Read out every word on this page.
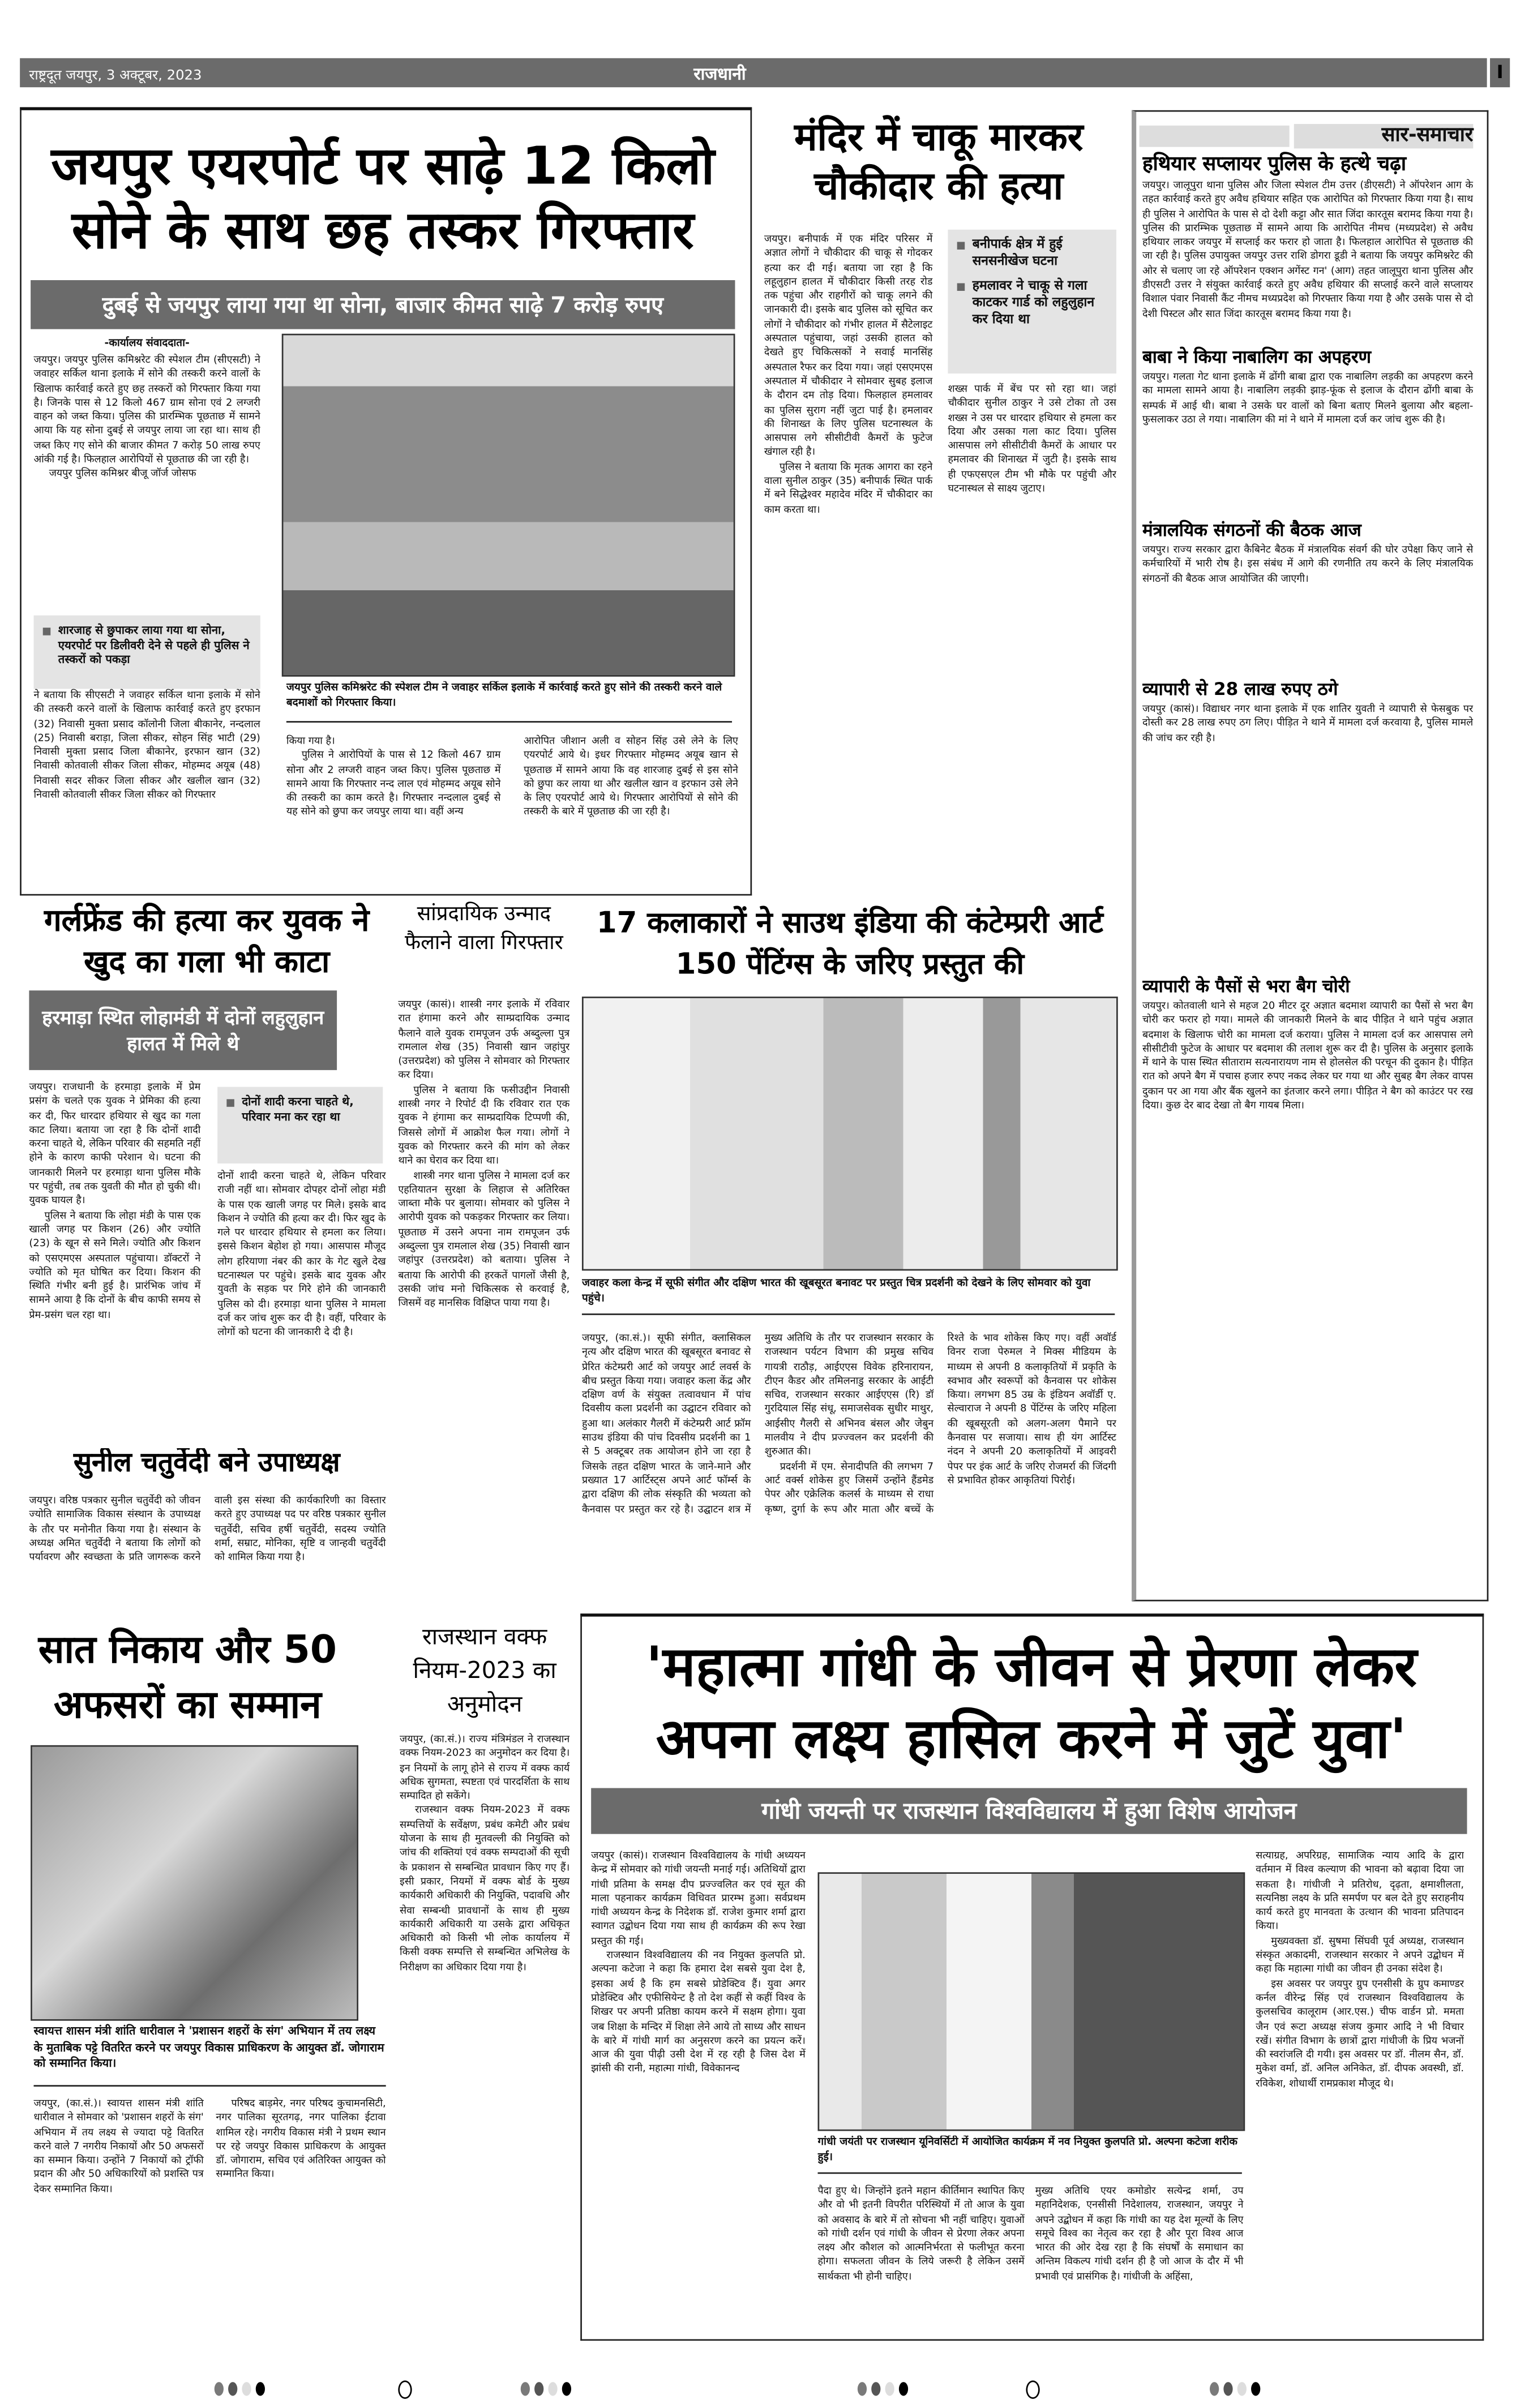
राष्ट्रदूत जयपुर, 3 अक्टूबर, 2023	राजधानी	I
जयपुर एयरपोर्ट पर साढ़े 12 किलो सोने के साथ छह तस्कर गिरफ्तार
दुबई से जयपुर लाया गया था सोना, बाजार कीमत साढ़े 7 करोड़ रुपए
-कार्यालय संवाददाता-

जयपुर। जयपुर पुलिस कमिश्नरेट की स्पेशल टीम (सीएसटी) ने जवाहर सर्किल थाना इलाके में सोने की तस्करी करने वालों के खिलाफ कार्रवाई करते हुए छह तस्करों को गिरफ्तार किया गया है। जिनके पास से 12 किलो 467 ग्राम सोना एवं 2 लग्जरी वाहन को जब्त किया। पुलिस की प्रारम्भिक पूछताछ में सामने आया कि यह सोना दुबई से जयपुर लाया जा रहा था। साथ ही जब्त किए गए सोने की बाजार कीमत 7 करोड़ 50 लाख रुपए आंकी गई है। फिलहाल आरोपियों से पूछताछ की जा रही है।

जयपुर पुलिस कमिश्नर बीजू जॉर्ज जोसफ

शारजाह से छुपाकर लाया गया था सोना, एयरपोर्ट पर डिलीवरी देने से पहले ही पुलिस ने तस्करों को पकड़ा

ने बताया कि सीएसटी ने जवाहर सर्किल थाना इलाके में सोने की तस्करी करने वालों के खिलाफ कार्रवाई करते हुए इरफान (32) निवासी मुक्ता प्रसाद कॉलोनी जिला बीकानेर, नन्दलाल (25) निवासी बराड़ा, जिला सीकर, सोहन सिंह भाटी (29) निवासी मुक्ता प्रसाद जिला बीकानेर, इरफान खान (32) निवासी कोतवाली सीकर जिला सीकर, मोहम्मद अयूब (48) निवासी सदर सीकर जिला सीकर और खलील खान (32) निवासी कोतवाली सीकर जिला सीकर को गिरफ्तार

जयपुर पुलिस कमिश्नरेट की स्पेशल टीम ने जवाहर सर्किल इलाके में कार्रवाई करते हुए सोने की तस्करी करने वाले बदमाशों को गिरफ्तार किया।

किया गया है।

पुलिस ने आरोपियों के पास से 12 किलो 467 ग्राम सोना और 2 लग्जरी वाहन जब्त किए। पुलिस पूछताछ में सामने आया कि गिरफ्तार नन्द लाल एवं मोहम्मद अयूब सोने की तस्करी का काम करते है। गिरफ्तार नन्दलाल दुबई से यह सोने को छुपा कर जयपुर लाया था। वहीं अन्य

आरोपित जीशान अली व सोहन सिंह उसे लेने के लिए एयरपोर्ट आये थे। इधर गिरफ्तार मोहम्मद अयूब खान से पूछताछ में सामने आया कि वह शारजाह दुबई से इस सोने को छुपा कर लाया था और खलील खान व इरफान उसे लेने के लिए एयरपोर्ट आये थे। गिरफ्तार आरोपियों से सोने की तस्करी के बारे में पूछताछ की जा रही है।

मंदिर में चाकू मारकर चौकीदार की हत्या

जयपुर। बनीपार्क में एक मंदिर परिसर में अज्ञात लोगों ने चौकीदार की चाकू से गोदकर हत्या कर दी गई। बताया जा रहा है कि लहूलुहान हालत में चौकीदार किसी तरह रोड तक पहुंचा और राहगीरों को चाकू लगने की जानकारी दी। इसके बाद पुलिस को सूचित कर लोगों ने चौकीदार को गंभीर हालत में सैटेलाइट अस्पताल पहुंचाया, जहां उसकी हालत को देखते हुए चिकित्सकों ने सवाई मानसिंह अस्पताल रैफर कर दिया गया। जहां एसएमएस अस्पताल में चौकीदार ने सोमवार सुबह इलाज के दौरान दम तोड़ दिया। फिलहाल हमलावर का पुलिस सुराग नहीं जुटा पाई है। हमलावर की शिनाख्त के लिए पुलिस घटनास्थल के आसपास लगे सीसीटीवी कैमरों के फुटेज खंगाल रही है।

पुलिस ने बताया कि मृतक आगरा का रहने वाला सुनील ठाकुर (35) बनीपार्क स्थित पार्क में बने सिद्धेश्वर महादेव मंदिर में चौकीदार का काम करता था।

बनीपार्क क्षेत्र में हुई सनसनीखेज घटना
हमलावर ने चाकू से गला काटकर गार्ड को लहुलुहान कर दिया था

शख्स पार्क में बेंच पर सो रहा था। जहां चौकीदार सुनील ठाकुर ने उसे टोका तो उस शख्स ने उस पर धारदार हथियार से हमला कर दिया और उसका गला काट दिया। पुलिस आसपास लगे सीसीटीवी कैमरों के आधार पर हमलावर की शिनाख्त में जुटी है। इसके साथ ही एफएसएल टीम भी मौके पर पहुंची और घटनास्थल से साक्ष्य जुटाए।

सार-समाचार
हथियार सप्लायर पुलिस के हत्थे चढ़ा
जयपुर। जालूपुरा थाना पुलिस और जिला स्पेशल टीम उत्तर (डीएसटी) ने ऑपरेशन आग के तहत कार्रवाई करते हुए अवैध हथियार सहित एक आरोपित को गिरफ्तार किया गया है। साथ ही पुलिस ने आरोपित के पास से दो देशी कट्टा और सात जिंदा कारतूस बरामद किया गया है। पुलिस की प्रारम्भिक पूछताछ में सामने आया कि आरोपित नीमच (मध्यप्रदेश) से अवैध हथियार लाकर जयपुर में सप्लाई कर फरार हो जाता है। फिलहाल आरोपित से पूछताछ की जा रही है। पुलिस उपायुक्त जयपुर उत्तर राशि डोगरा डूडी ने बताया कि जयपुर कमिश्नरेट की ओर से चलाए जा रहे ऑपरेशन एक्शन अगेंस्ट गन' (आग) तहत जालूपुरा थाना पुलिस और डीएसटी उत्तर ने संयुक्त कार्रवाई करते हुए अवैध हथियार की सप्लाई करने वाले सप्लायर विशाल पंवार निवासी कैंट नीमच मध्यप्रदेश को गिरफ्तार किया गया है और उसके पास से दो देशी पिस्टल और सात जिंदा कारतूस बरामद किया गया है।
बाबा ने किया नाबालिग का अपहरण
जयपुर। गलता गेट थाना इलाके में ढोंगी बाबा द्वारा एक नाबालिग लड़की का अपहरण करने का मामला सामने आया है। नाबालिग लड़की झाड़-फूंक से इलाज के दौरान ढोंगी बाबा के सम्पर्क में आई थी। बाबा ने उसके घर वालों को बिना बताए मिलने बुलाया और बहला-फुसलाकर उठा ले गया। नाबालिग की मां ने थाने में मामला दर्ज कर जांच शुरू की है।
मंत्रालयिक संगठनों की बैठक आज
जयपुर। राज्य सरकार द्वारा कैबिनेट बैठक में मंत्रालयिक संवर्ग की घोर उपेक्षा किए जाने से कर्मचारियों में भारी रोष है। इस संबंध में आगे की रणनीति तय करने के लिए मंत्रालयिक संगठनों की बैठक आज आयोजित की जाएगी।
व्यापारी से 28 लाख रुपए ठगे
जयपुर (कासं)। विद्याधर नगर थाना इलाके में एक शातिर युवती ने व्यापारी से फेसबुक पर दोस्ती कर 28 लाख रुपए ठग लिए। पीड़ित ने थाने में मामला दर्ज करवाया है, पुलिस मामले की जांच कर रही है।
व्यापारी के पैसों से भरा बैग चोरी
जयपुर। कोतवाली थाने से महज 20 मीटर दूर अज्ञात बदमाश व्यापारी का पैसों से भरा बैग चोरी कर फरार हो गया। मामले की जानकारी मिलने के बाद पीड़ित ने थाने पहुंच अज्ञात बदमाश के खिलाफ चोरी का मामला दर्ज कराया। पुलिस ने मामला दर्ज कर आसपास लगे सीसीटीवी फुटेज के आधार पर बदमाश की तलाश शुरू कर दी है। पुलिस के अनुसार इलाके में थाने के पास स्थित सीताराम सत्यनारायण नाम से होलसेल की परचून की दुकान है। पीड़ित रात को अपने बैग में पचास हजार रुपए नकद लेकर घर गया था और सुबह बैग लेकर वापस दुकान पर आ गया और बैंक खुलने का इंतजार करने लगा। पीड़ित ने बैग को काउंटर पर रख दिया। कुछ देर बाद देखा तो बैग गायब मिला।
गर्लफ्रेंड की हत्या कर युवक ने खुद का गला भी काटा
हरमाड़ा स्थित लोहामंडी में दोनों लहुलुहान हालत में मिले थे

जयपुर। राजधानी के हरमाड़ा इलाके में प्रेम प्रसंग के चलते एक युवक ने प्रेमिका की हत्या कर दी, फिर धारदार हथियार से खुद का गला काट लिया। बताया जा रहा है कि दोनों शादी करना चाहते थे, लेकिन परिवार की सहमति नहीं होने के कारण काफी परेशान थे। घटना की जानकारी मिलने पर हरमाड़ा थाना पुलिस मौके पर पहुंची, तब तक युवती की मौत हो चुकी थी। युवक घायल है।

पुलिस ने बताया कि लोहा मंडी के पास एक खाली जगह पर किशन (26) और ज्योति (23) के खून से सने मिले। ज्योति और किशन को एसएमएस अस्पताल पहुंचाया। डॉक्टरों ने ज्योति को मृत घोषित कर दिया। किशन की स्थिति गंभीर बनी हुई है। प्रारंभिक जांच में सामने आया है कि दोनों के बीच काफी समय से प्रेम-प्रसंग चल रहा था।

दोनों शादी करना चाहते थे, परिवार मना कर रहा था

दोनों शादी करना चाहते थे, लेकिन परिवार राजी नहीं था। सोमवार दोपहर दोनों लोहा मंडी के पास एक खाली जगह पर मिले। इसके बाद किशन ने ज्योति की हत्या कर दी। फिर खुद के गले पर धारदार हथियार से हमला कर लिया। इससे किशन बेहोश हो गया। आसपास मौजूद लोग हरियाणा नंबर की कार के गेट खुले देख घटनास्थल पर पहुंचे। इसके बाद युवक और युवती के सड़क पर गिरे होने की जानकारी पुलिस को दी। हरमाड़ा थाना पुलिस ने मामला दर्ज कर जांच शुरू कर दी है। वहीं, परिवार के लोगों को घटना की जानकारी दे दी है।

सांप्रदायिक उन्माद फैलाने वाला गिरफ्तार

जयपुर (कासं)। शास्त्री नगर इलाके में रविवार रात हंगामा करने और साम्प्रदायिक उन्माद फैलाने वाले युवक रामपूजन उर्फ अब्दुल्ला पुत्र रामलाल शेख (35) निवासी खान जहांपुर (उत्तरप्रदेश) को पुलिस ने सोमवार को गिरफ्तार कर दिया।

पुलिस ने बताया कि फसीउद्दीन निवासी शास्त्री नगर ने रिपोर्ट दी कि रविवार रात एक युवक ने हंगामा कर साम्प्रदायिक टिप्पणी की, जिससे लोगों में आक्रोश फैल गया। लोगों ने युवक को गिरफ्तार करने की मांग को लेकर थाने का घेराव कर दिया था।

शास्त्री नगर थाना पुलिस ने मामला दर्ज कर एहतियातन सुरक्षा के लिहाज से अतिरिक्त जाब्ता मौके पर बुलाया। सोमवार को पुलिस ने आरोपी युवक को पकड़कर गिरफ्तार कर लिया। पूछताछ में उसने अपना नाम रामपूजन उर्फ अब्दुल्ला पुत्र रामलाल शेख (35) निवासी खान जहांपुर (उत्तरप्रदेश) को बताया। पुलिस ने बताया कि आरोपी की हरकतें पागलों जैसी है, उसकी जांच मनो चिकित्सक से करवाई है, जिसमें वह मानसिक विक्षिप्त पाया गया है।

17 कलाकारों ने साउथ इंडिया की कंटेम्प्ररी आर्ट 150 पेंटिंग्स के जरिए प्रस्तुत की
जवाहर कला केन्द्र में सूफी संगीत और दक्षिण भारत की खूबसूरत बनावट पर प्रस्तुत चित्र प्रदर्शनी को देखने के लिए सोमवार को युवा पहुंचे।

जयपुर, (का.सं.)। सूफी संगीत, क्लासिकल नृत्य और दक्षिण भारत की खूबसूरत बनावट से प्रेरित कंटेम्प्ररी आर्ट को जयपुर आर्ट लवर्स के बीच प्रस्तुत किया गया। जवाहर कला केंद्र और दक्षिण वर्ण के संयुक्त तत्वावधान में पांच दिवसीय कला प्रदर्शनी का उद्घाटन रविवार को हुआ था। अलंकार गैलरी में कंटेम्प्ररी आर्ट फ्रॉम साउथ इंडिया की पांच दिवसीय प्रदर्शनी का 1 से 5 अक्टूबर तक आयोजन होने जा रहा है जिसके तहत दक्षिण भारत के जाने-माने और प्रख्यात 17 आर्टिस्ट्स अपने आर्ट फॉर्म्स के द्वारा दक्षिण की लोक संस्कृति की भव्यता को कैनवास पर प्रस्तुत कर रहे है। उद्घाटन शत्र में मुख्य अतिथि के तौर पर राजस्थान सरकार के राजस्थान पर्यटन विभाग की प्रमुख सचिव गायत्री राठौड़, आईएएस विवेक हरिनारायन, टीएन कैडर और तमिलनाडु सरकार के आईटी सचिव, राजस्थान सरकार आईएएस (रि) डॉ गुरदियाल सिंह संधू, समाजसेवक सुधीर माथुर, आईसीए गैलरी से अभिनव बंसल और जेबुन मालवीय ने दीप प्रज्ज्वलन कर प्रदर्शनी की शुरुआत की।

प्रदर्शनी में एम. सेनादीपति की लगभग 7 आर्ट वर्क्स शोकेस हुए जिसमें उन्होंने हैंडमेड पेपर और एक्रेलिक कलर्स के माध्यम से राधा कृष्ण, दुर्गा के रूप और माता और बच्चें के रिश्ते के भाव शोकेस किए गए। वहीं अवॉर्ड विनर राजा पेरुमल ने मिक्स मीडियम के माध्यम से अपनी 8 कलाकृतियों में प्रकृति के स्वभाव और स्वरूपों को कैनवास पर शोकेस किया। लगभग 85 उम्र के इंडियन अवॉर्डी ए. सेल्वाराज ने अपनी 8 पेंटिंग्स के जरिए महिला की खूबसूरती को अलग-अलग पैमाने पर कैनवास पर सजाया। साथ ही यंग आर्टिस्ट नंदन ने अपनी 20 कलाकृतियों में आइवरी पेपर पर इंक आर्ट के जरिए रोजमर्रा की जिंदगी से प्रभावित होकर आकृतियां पिरोई।

सुनील चतुर्वेदी बने उपाध्यक्ष

जयपुर। वरिष्ठ पत्रकार सुनील चतुर्वेदी को जीवन ज्योति सामाजिक विकास संस्थान के उपाध्यक्ष के तौर पर मनोनीत किया गया है। संस्थान के अध्यक्ष अमित चतुर्वेदी ने बताया कि लोगों को पर्यावरण और स्वच्छता के प्रति जागरूक करने वाली इस संस्था की कार्यकारिणी का विस्तार करते हुए उपाध्यक्ष पद पर वरिष्ठ पत्रकार सुनील चतुर्वेदी, सचिव हर्षी चतुर्वेदी, सदस्य ज्योति शर्मा, सम्राट, मोनिका, सृष्टि व जान्हवी चतुर्वेदी को शामिल किया गया है।

सात निकाय और 50 अफसरों का सम्मान
स्वायत्त शासन मंत्री शांति धारीवाल ने 'प्रशासन शहरों के संग' अभियान में तय लक्ष्य के मुताबिक पट्टे वितरित करने पर जयपुर विकास प्राधिकरण के आयुक्त डॉ. जोगाराम को सम्मानित किया।

जयपुर, (का.सं.)। स्वायत्त शासन मंत्री शांति धारीवाल ने सोमवार को 'प्रशासन शहरों के संग' अभियान में तय लक्ष्य से ज्यादा पट्टे वितरित करने वाले 7 नगरीय निकायों और 50 अफसरों का सम्मान किया। उन्होंने 7 निकायों को ट्रॉफी प्रदान की और 50 अधिकारियों को प्रशस्ति पत्र देकर सम्मानित किया।

परिषद बाड़मेर, नगर परिषद कुचामनसिटी, नगर पालिका सूरतगढ़, नगर पालिका ईटावा शामिल रहे। नगरीय विकास मंत्री ने प्रथम स्थान पर रहे जयपुर विकास प्राधिकरण के आयुक्त डॉ. जोगाराम, सचिव एवं अतिरिक्त आयुक्त को सम्मानित किया।

राजस्थान वक्फ नियम-2023 का अनुमोदन

जयपुर, (का.सं.)। राज्य मंत्रिमंडल ने राजस्थान वक्फ नियम-2023 का अनुमोदन कर दिया है। इन नियमों के लागू होने से राज्य में वक्फ कार्य अधिक सुगमता, स्पष्टता एवं पारदर्शिता के साथ सम्पादित हो सकेंगे।

राजस्थान वक्फ नियम-2023 में वक्फ सम्पत्तियों के सर्वेक्षण, प्रबंध कमेटी और प्रबंध योजना के साथ ही मुतवल्ली की नियुक्ति को जांच की शक्तियां एवं वक्फ सम्पदाओं की सूची के प्रकाशन से सम्बन्धित प्रावधान किए गए हैं। इसी प्रकार, नियमों में वक्फ बोर्ड के मुख्य कार्यकारी अधिकारी की नियुक्ति, पदावधि और सेवा सम्बन्धी प्रावधानों के साथ ही मुख्य कार्यकारी अधिकारी या उसके द्वारा अधिकृत अधिकारी को किसी भी लोक कार्यालय में किसी वक्फ सम्पत्ति से सम्बन्धित अभिलेख के निरीक्षण का अधिकार दिया गया है।

'महात्मा गांधी के जीवन से प्रेरणा लेकर अपना लक्ष्य हासिल करने में जुटें युवा'
गांधी जयन्ती पर राजस्थान विश्वविद्यालय में हुआ विशेष आयोजन

जयपुर (कासं)। राजस्थान विश्वविद्यालय के गांधी अध्ययन केन्द्र में सोमवार को गांधी जयन्ती मनाई गई। अतिथियों द्वारा गांधी प्रतिमा के समक्ष दीप प्रज्ज्वलित कर एवं सूत की माला पहनाकर कार्यक्रम विधिवत प्रारम्भ हुआ। सर्वप्रथम गांधी अध्ययन केन्द्र के निदेशक डॉ. राजेश कुमार शर्मा द्वारा स्वागत उद्बोधन दिया गया साथ ही कार्यक्रम की रूप रेखा प्रस्तुत की गई।

राजस्थान विश्वविद्यालय की नव नियुक्त कुलपति प्रो. अल्पना कटेजा ने कहा कि हमारा देश सबसे युवा देश है, इसका अर्थ है कि हम सबसे प्रोडेक्टिव हैं। युवा अगर प्रोडेक्टिव और एफीसियेन्ट है तो देश कहीं से कहीं विश्व के शिखर पर अपनी प्रतिष्ठा कायम करने में सक्षम होगा। युवा जब शिक्षा के मन्दिर में शिक्षा लेने आये तो साध्य और साधन के बारे में गांधी मार्ग का अनुसरण करने का प्रयत्न करें। आज की युवा पीढ़ी उसी देश में रह रही है जिस देश में झांसी की रानी, महात्मा गांधी, विवेकानन्द

गांधी जयंती पर राजस्थान यूनिवर्सिटी में आयोजित कार्यक्रम में नव नियुक्त कुलपति प्रो. अल्पना कटेजा शरीक हुई।

पैदा हुए थे। जिन्होंने इतने महान कीर्तिमान स्थापित किए और वो भी इतनी विपरीत परिस्थियों में तो आज के युवा को अवसाद के बारे में तो सोचना भी नहीं चाहिए। युवाओं को गांधी दर्शन एवं गांधी के जीवन से प्रेरणा लेकर अपना लक्ष्य और कौशल को आत्मनिर्भरता से फलीभूत करना होगा। सफलता जीवन के लिये जरूरी है लेकिन उसमें सार्थकता भी होनी चाहिए।

मुख्य अतिथि एयर कमोडोर सत्येन्द्र शर्मा, उप महानिदेशक, एनसीसी निदेशालय, राजस्थान, जयपुर ने अपने उद्बोधन में कहा कि गांधी का यह देश मूल्यों के लिए समूचे विश्व का नेतृत्व कर रहा है और पूरा विश्व आज भारत की ओर देख रहा है कि संघर्षों के समाधान का अन्तिम विकल्प गांधी दर्शन ही है जो आज के दौर में भी प्रभावी एवं प्रासंगिक है। गांधीजी के अहिंसा,

सत्याग्रह, अपरिग्रह, सामाजिक न्याय आदि के द्वारा वर्तमान में विश्व कल्याण की भावना को बढ़ावा दिया जा सकता है। गांधीजी ने प्रतिरोध, दृढ़ता, क्षमाशीलता, सत्यनिष्ठा लक्ष्य के प्रति समर्पण पर बल देते हुए सराहनीय कार्य करते हुए मानवता के उत्थान की भावना प्रतिपादन किया।

मुख्यवक्ता डॉ. सुषमा सिंघवी पूर्व अध्यक्ष, राजस्थान संस्कृत अकादमी, राजस्थान सरकार ने अपने उद्बोधन में कहा कि महात्मा गांधी का जीवन ही उनका संदेश है।

इस अवसर पर जयपुर ग्रुप एनसीसी के ग्रुप कमाण्डर कर्नल वीरेन्द्र सिंह एवं राजस्थान विश्वविद्यालय के कुलसचिव कालूराम (आर.एस.) चीफ वार्डन प्रो. ममता जैन एवं रूटा अध्यक्ष संजय कुमार आदि ने भी विचार रखें। संगीत विभाग के छात्रों द्वारा गांधीजी के प्रिय भजनों की स्वरांजलि दी गयी। इस अवसर पर डॉ. नीलम सैन, डॉ. मुकेश वर्मा, डॉ. अनिल अनिकेत, डॉ. दीपक अवस्थी, डॉ. रविकेश, शोधार्थी रामप्रकाश मौजूद थे।
